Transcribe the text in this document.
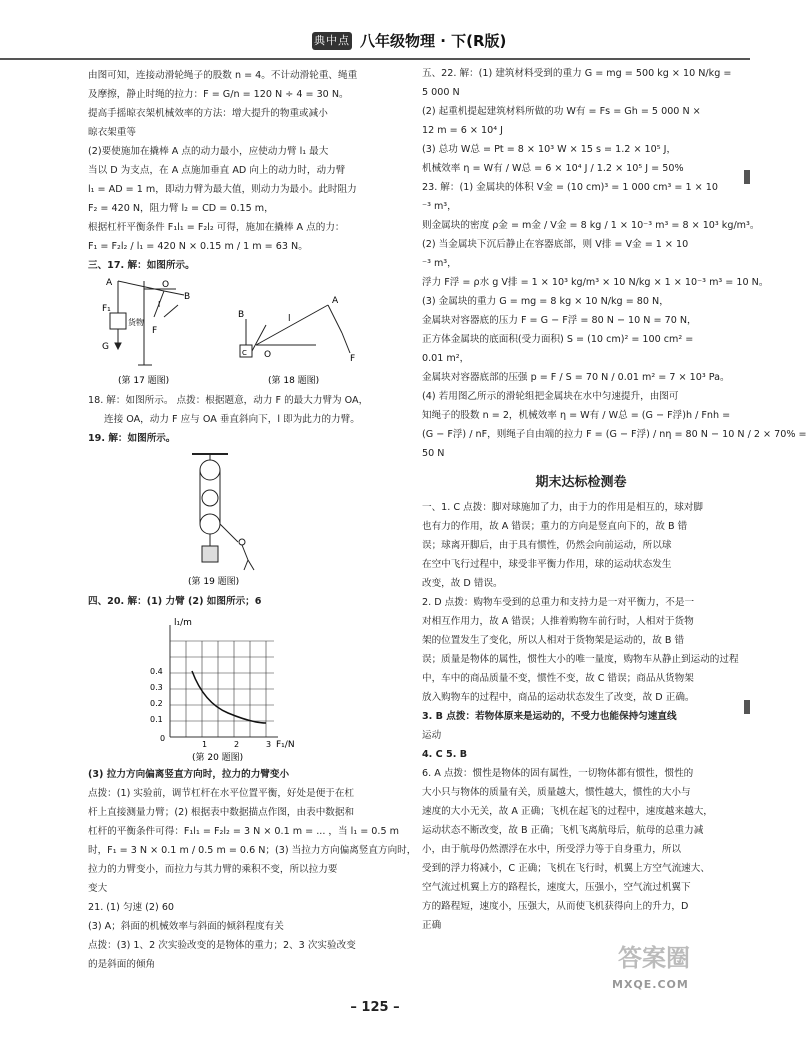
典中点 八年级物理 · 下(R版)

由图可知，连接动滑轮绳子的股数 n = 4。不计动滑轮重、绳重

及摩擦，静止时绳的拉力：F = G/n = 120 N ÷ 4 = 30 N。

提高手摇晾衣架机械效率的方法：增大提升的物重或减小

晾衣架重等

(2)要使施加在撬棒 A 点的动力最小，应使动力臂 l₁ 最大

当以 D 为支点，在 A 点施加垂直 AD 向上的动力时，动力臂

l₁ = AD = 1 m，即动力臂为最大值，则动力为最小。此时阻力

F₂ = 420 N，阻力臂 l₂ = CD = 0.15 m，

根据杠杆平衡条件 F₁l₁ = F₂l₂ 可得，施加在撬棒 A 点的力：

F₁ = F₂l₂ / l₁ = 420 N × 0.15 m / 1 m = 63 N。

三、17. 解：如图所示。

A	O
B
F₁
G
F
货物
l
(第 17 题图)
B
O
l
A
F
C
(第 18 题图)

18. 解：如图所示。 点拨：根据题意，动力 F 的最大力臂为 OA，

连接 OA，动力 F 应与 OA 垂直斜向下，l 即为此力的力臂。

19. 解：如图所示。

(第 19 题图)

四、20. 解：(1) 力臂 (2) 如图所示；6

l₁/m
F₁/N
0.4
0.3
0.2
0.1
0
1	2	3
(第 20 题图)

(3) 拉力方向偏离竖直方向时，拉力的力臂变小

点拨：(1) 实验前，调节杠杆在水平位置平衡，好处是便于在杠

杆上直接测量力臂；(2) 根据表中数据描点作图，由表中数据和

杠杆的平衡条件可得：F₁l₁ = F₂l₂ = 3 N × 0.1 m = ... ，当 l₁ = 0.5 m

时，F₁ = 3 N × 0.1 m / 0.5 m = 0.6 N；(3) 当拉力方向偏离竖直方向时，

拉力的力臂变小，而拉力与其力臂的乘积不变，所以拉力要

变大

21. (1) 匀速 (2) 60

(3) A；斜面的机械效率与斜面的倾斜程度有关

点拨：(3) 1、2 次实验改变的是物体的重力；2、3 次实验改变

的是斜面的倾角

五、22. 解：(1) 建筑材料受到的重力 G = mg = 500 kg × 10 N/kg =

5 000 N

(2) 起重机提起建筑材料所做的功 W有 = Fs = Gh = 5 000 N ×

12 m = 6 × 10⁴ J

(3) 总功 W总 = Pt = 8 × 10³ W × 15 s = 1.2 × 10⁵ J，

机械效率 η = W有 / W总 = 6 × 10⁴ J / 1.2 × 10⁵ J = 50%

23. 解：(1) 金属块的体积 V金 = (10 cm)³ = 1 000 cm³ = 1 × 10

⁻³ m³，

则金属块的密度 ρ金 = m金 / V金 = 8 kg / 1 × 10⁻³ m³ = 8 × 10³ kg/m³。

(2) 当金属块下沉后静止在容器底部，则 V排 = V金 = 1 × 10

⁻³ m³，

浮力 F浮 = ρ水 g V排 = 1 × 10³ kg/m³ × 10 N/kg × 1 × 10⁻³ m³ = 10 N。

(3) 金属块的重力 G = mg = 8 kg × 10 N/kg = 80 N，

金属块对容器底的压力 F = G − F浮 = 80 N − 10 N = 70 N，

正方体金属块的底面积(受力面积) S = (10 cm)² = 100 cm² =

0.01 m²，

金属块对容器底部的压强 p = F / S = 70 N / 0.01 m² = 7 × 10³ Pa。

(4) 若用图乙所示的滑轮组把金属块在水中匀速提升，由图可

知绳子的股数 n = 2，机械效率 η = W有 / W总 = (G − F浮)h / Fnh =

(G − F浮) / nF，则绳子自由端的拉力 F = (G − F浮) / nη = 80 N − 10 N / 2 × 70% =

50 N

期末达标检测卷

一、1. C 点拨：脚对球施加了力，由于力的作用是相互的，球对脚

也有力的作用，故 A 错误；重力的方向是竖直向下的，故 B 错

误；球离开脚后，由于具有惯性，仍然会向前运动，所以球

在空中飞行过程中，球受非平衡力作用，球的运动状态发生

改变，故 D 错误。

2. D 点拨：购物车受到的总重力和支持力是一对平衡力，不是一

对相互作用力，故 A 错误；人推着购物车前行时，人相对于货物

架的位置发生了变化，所以人相对于货物架是运动的，故 B 错

误；质量是物体的属性，惯性大小的唯一量度，购物车从静止到运动的过程

中，车中的商品质量不变，惯性不变，故 C 错误；商品从货物架

放入购物车的过程中，商品的运动状态发生了改变，故 D 正确。

3. B 点拨：若物体原来是运动的，不受力也能保持匀速直线

运动

4. C 5. B

6. A 点拨：惯性是物体的固有属性，一切物体都有惯性，惯性的

大小只与物体的质量有关，质量越大，惯性越大，惯性的大小与

速度的大小无关，故 A 正确；飞机在起飞的过程中，速度越来越大，

运动状态不断改变，故 B 正确；飞机飞离航母后，航母的总重力减

小，由于航母仍然漂浮在水中，所受浮力等于自身重力，所以

受到的浮力将减小，C 正确；飞机在飞行时，机翼上方空气流速大、

空气流过机翼上方的路程长，速度大，压强小，空气流过机翼下

方的路程短，速度小，压强大，从而使飞机获得向上的升力，D

正确

– 125 –
答案圈
MXQE.COM
